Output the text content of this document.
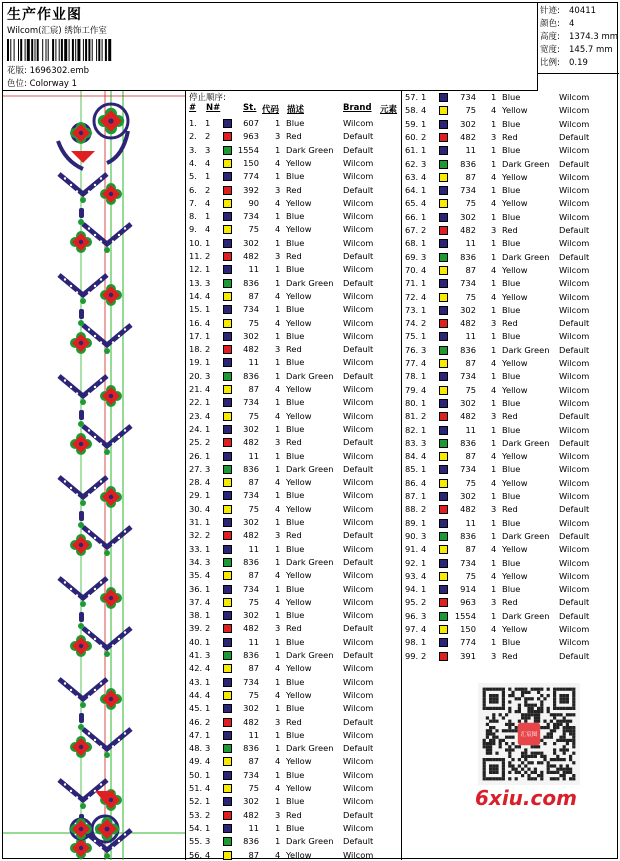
生产作业图
Wilcom(汇宸) 绣饰工作室
花版: 1696302.emb
色位: Colorway 1
针迹: 40411
颜色: 4
高度: 1374.3 mm
宽度: 145.7 mm
比例: 0.19
停止顺序:
# N#	St. 代码 描述	Brand 元素
1. 1	607 1 Blue	Wilcom
2. 2	963 3 Red	Default
3. 3	1554 1 Dark Green Default
4. 4	150 4 Yellow	Wilcom
5. 1	774 1 Blue	Wilcom
6. 2	392 3 Red	Default
7. 4	90 4 Yellow	Wilcom
8. 1	734 1 Blue	Wilcom
9. 4	75 4 Yellow	Wilcom
10. 1	302 1 Blue	Wilcom
11. 2	482 3 Red	Default
12. 1	11 1 Blue	Wilcom
13. 3	836 1 Dark Green Default
14. 4	87 4 Yellow	Wilcom
15. 1	734 1 Blue	Wilcom
16. 4	75 4 Yellow	Wilcom
17. 1	302 1 Blue	Wilcom
18. 2	482 3 Red	Default
19. 1	11 1 Blue	Wilcom
20. 3	836 1 Dark Green Default
21. 4	87 4 Yellow	Wilcom
22. 1	734 1 Blue	Wilcom
23. 4	75 4 Yellow	Wilcom
24. 1	302 1 Blue	Wilcom
25. 2	482 3 Red	Default
26. 1	11 1 Blue	Wilcom
27. 3	836 1 Dark Green Default
28. 4	87 4 Yellow	Wilcom
29. 1	734 1 Blue	Wilcom
30. 4	75 4 Yellow	Wilcom
31. 1	302 1 Blue	Wilcom
32. 2	482 3 Red	Default
33. 1	11 1 Blue	Wilcom
34. 3	836 1 Dark Green Default
35. 4	87 4 Yellow	Wilcom
36. 1	734 1 Blue	Wilcom
37. 4	75 4 Yellow	Wilcom
38. 1	302 1 Blue	Wilcom
39. 2	482 3 Red	Default
40. 1	11 1 Blue	Wilcom
41. 3	836 1 Dark Green Default
42. 4	87 4 Yellow	Wilcom
43. 1	734 1 Blue	Wilcom
44. 4	75 4 Yellow	Wilcom
45. 1	302 1 Blue	Wilcom
46. 2	482 3 Red	Default
47. 1	11 1 Blue	Wilcom
48. 3	836 1 Dark Green Default
49. 4	87 4 Yellow	Wilcom
50. 1	734 1 Blue	Wilcom
51. 4	75 4 Yellow	Wilcom
52. 1	302 1 Blue	Wilcom
53. 2	482 3 Red	Default
54. 1	11 1 Blue	Wilcom
55. 3	836 1 Dark Green Default
56. 4	87 4 Yellow	Wilcom
57. 1	734 1 Blue	Wilcom
58. 4	75 4 Yellow	Wilcom
59. 1	302 1 Blue	Wilcom
60. 2	482 3 Red	Default
61. 1	11 1 Blue	Wilcom
62. 3	836 1 Dark Green Default
63. 4	87 4 Yellow	Wilcom
64. 1	734 1 Blue	Wilcom
65. 4	75 4 Yellow	Wilcom
66. 1	302 1 Blue	Wilcom
67. 2	482 3 Red	Default
68. 1	11 1 Blue	Wilcom
69. 3	836 1 Dark Green Default
70. 4	87 4 Yellow	Wilcom
71. 1	734 1 Blue	Wilcom
72. 4	75 4 Yellow	Wilcom
73. 1	302 1 Blue	Wilcom
74. 2	482 3 Red	Default
75. 1	11 1 Blue	Wilcom
76. 3	836 1 Dark Green Default
77. 4	87 4 Yellow	Wilcom
78. 1	734 1 Blue	Wilcom
79. 4	75 4 Yellow	Wilcom
80. 1	302 1 Blue	Wilcom
81. 2	482 3 Red	Default
82. 1	11 1 Blue	Wilcom
83. 3	836 1 Dark Green Default
84. 4	87 4 Yellow	Wilcom
85. 1	734 1 Blue	Wilcom
86. 4	75 4 Yellow	Wilcom
87. 1	302 1 Blue	Wilcom
88. 2	482 3 Red	Default
89. 1	11 1 Blue	Wilcom
90. 3	836 1 Dark Green Default
91. 4	87 4 Yellow	Wilcom
92. 1	734 1 Blue	Wilcom
93. 4	75 4 Yellow	Wilcom
94. 1	914 1 Blue	Wilcom
95. 2	963 3 Red	Default
96. 3	1554 1 Dark Green Default
97. 4	150 4 Yellow	Wilcom
98. 1	774 1 Blue	Wilcom
99. 2	391 3 Red	Default
汇宸图
6xiu.com
